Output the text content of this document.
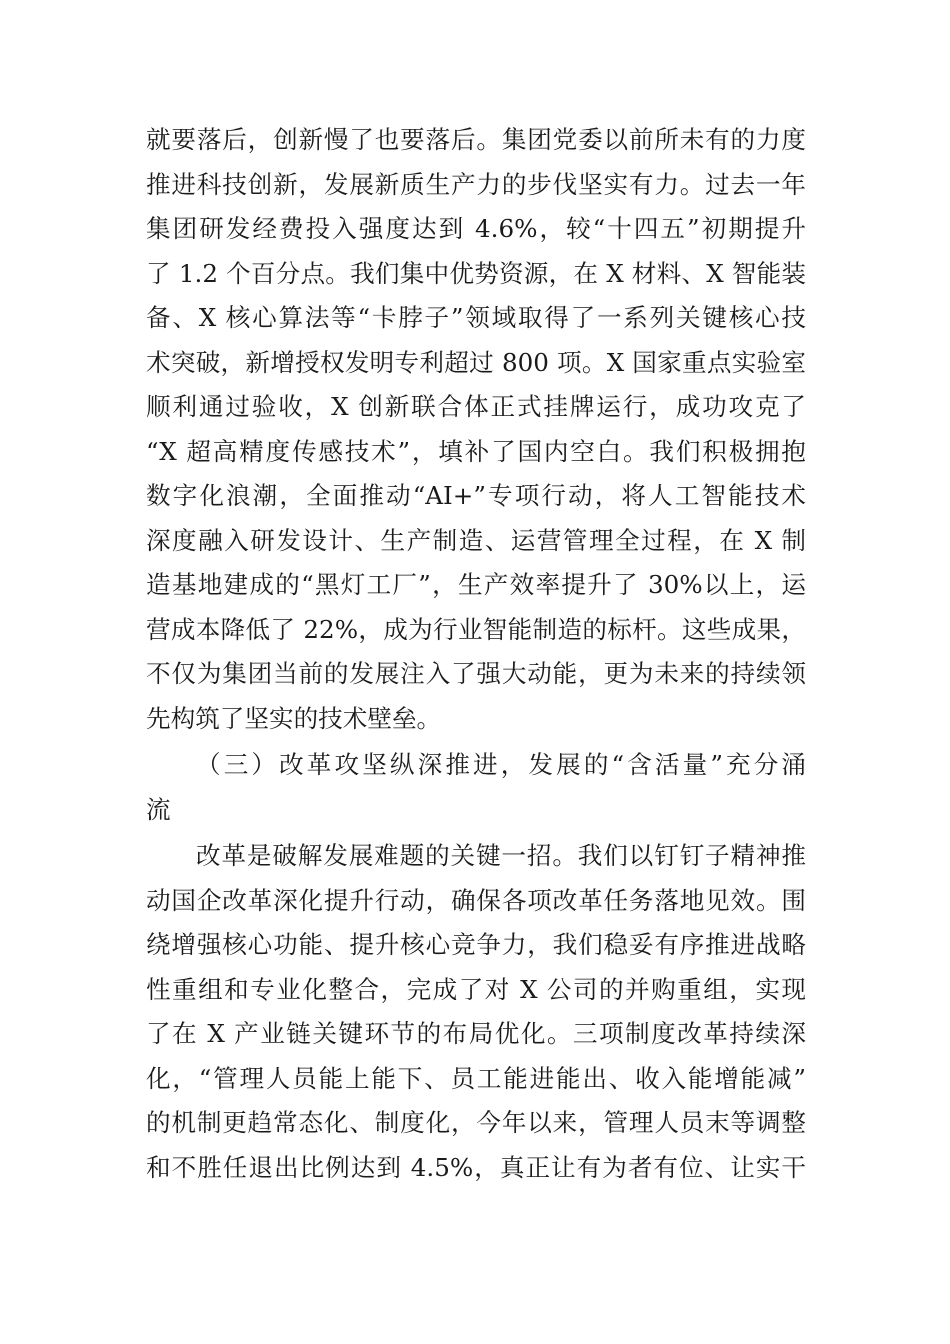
就要落后，创新慢了也要落后。集团党委以前所未有的力度
推进科技创新，发展新质生产力的步伐坚实有力。过去一年
集团研发经费投入强度达到 4.6%，较“十四五”初期提升
了 1.2 个百分点。我们集中优势资源，在 X 材料、X 智能装
备、X 核心算法等“卡脖子”领域取得了一系列关键核心技
术突破，新增授权发明专利超过 800 项。X 国家重点实验室
顺利通过验收，X 创新联合体正式挂牌运行，成功攻克了
“X 超高精度传感技术”，填补了国内空白。我们积极拥抱
数字化浪潮，全面推动“AI+”专项行动，将人工智能技术
深度融入研发设计、生产制造、运营管理全过程，在 X 制
造基地建成的“黑灯工厂”，生产效率提升了 30%以上，运
营成本降低了 22%，成为行业智能制造的标杆。这些成果，
不仅为集团当前的发展注入了强大动能，更为未来的持续领
先构筑了坚实的技术壁垒。
（三）改革攻坚纵深推进，发展的“含活量”充分涌
流
改革是破解发展难题的关键一招。我们以钉钉子精神推
动国企改革深化提升行动，确保各项改革任务落地见效。围
绕增强核心功能、提升核心竞争力，我们稳妥有序推进战略
性重组和专业化整合，完成了对 X 公司的并购重组，实现
了在 X 产业链关键环节的布局优化。三项制度改革持续深
化，“管理人员能上能下、员工能进能出、收入能增能减”
的机制更趋常态化、制度化，今年以来，管理人员末等调整
和不胜任退出比例达到 4.5%，真正让有为者有位、让实干
